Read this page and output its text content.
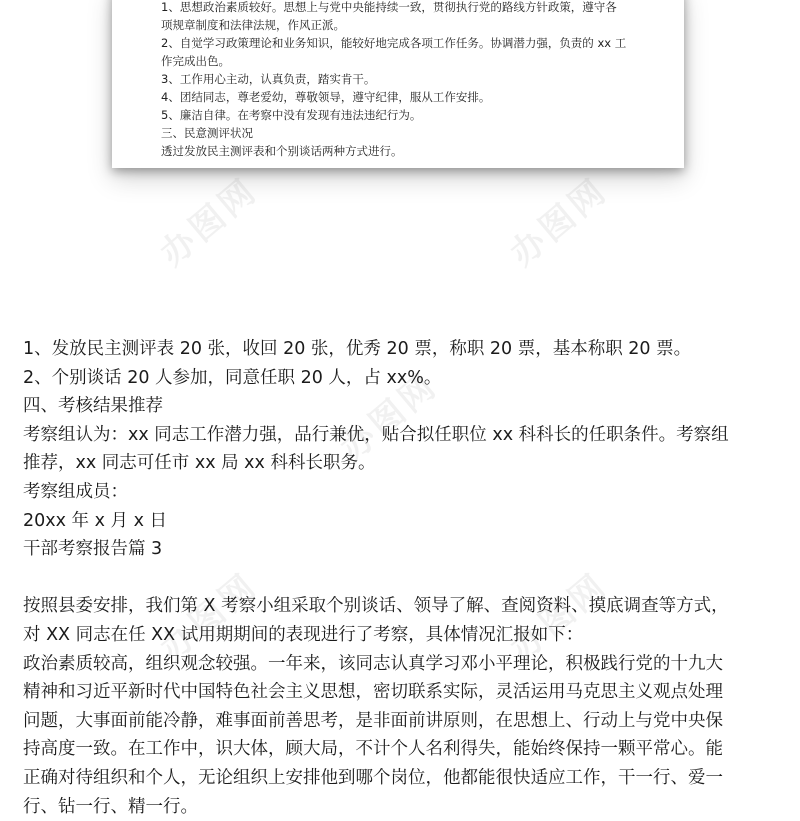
办图网	办图网
办图网
办图网	办图网
1、思想政治素质较好。思想上与党中央能持续一致，贯彻执行党的路线方针政策，遵守各
项规章制度和法律法规，作风正派。
2、自觉学习政策理论和业务知识，能较好地完成各项工作任务。协调潜力强，负责的 xx 工
作完成出色。
3、工作用心主动，认真负责，踏实肯干。
4、团结同志，尊老爱幼，尊敬领导，遵守纪律，服从工作安排。
5、廉洁自律。在考察中没有发现有违法违纪行为。
三、民意测评状况
透过发放民主测评表和个别谈话两种方式进行。
1、发放民主测评表 20 张，收回 20 张，优秀 20 票，称职 20 票，基本称职 20 票。
2、个别谈话 20 人参加，同意任职 20 人，占 xx%。
四、考核结果推荐
考察组认为：xx 同志工作潜力强，品行兼优，贴合拟任职位 xx 科科长的任职条件。考察组
推荐，xx 同志可任市 xx 局 xx 科科长职务。
考察组成员：
20xx 年 x 月 x 日
干部考察报告篇 3
按照县委安排，我们第 X 考察小组采取个别谈话、领导了解、查阅资料、摸底调查等方式，
对 XX 同志在任 XX 试用期期间的表现进行了考察，具体情况汇报如下：
政治素质较高，组织观念较强。一年来，该同志认真学习邓小平理论，积极践行党的十九大
精神和习近平新时代中国特色社会主义思想，密切联系实际，灵活运用马克思主义观点处理
问题，大事面前能冷静，难事面前善思考，是非面前讲原则，在思想上、行动上与党中央保
持高度一致。在工作中，识大体，顾大局，不计个人名利得失，能始终保持一颗平常心。能
正确对待组织和个人，无论组织上安排他到哪个岗位，他都能很快适应工作，干一行、爱一
行、钻一行、精一行。
